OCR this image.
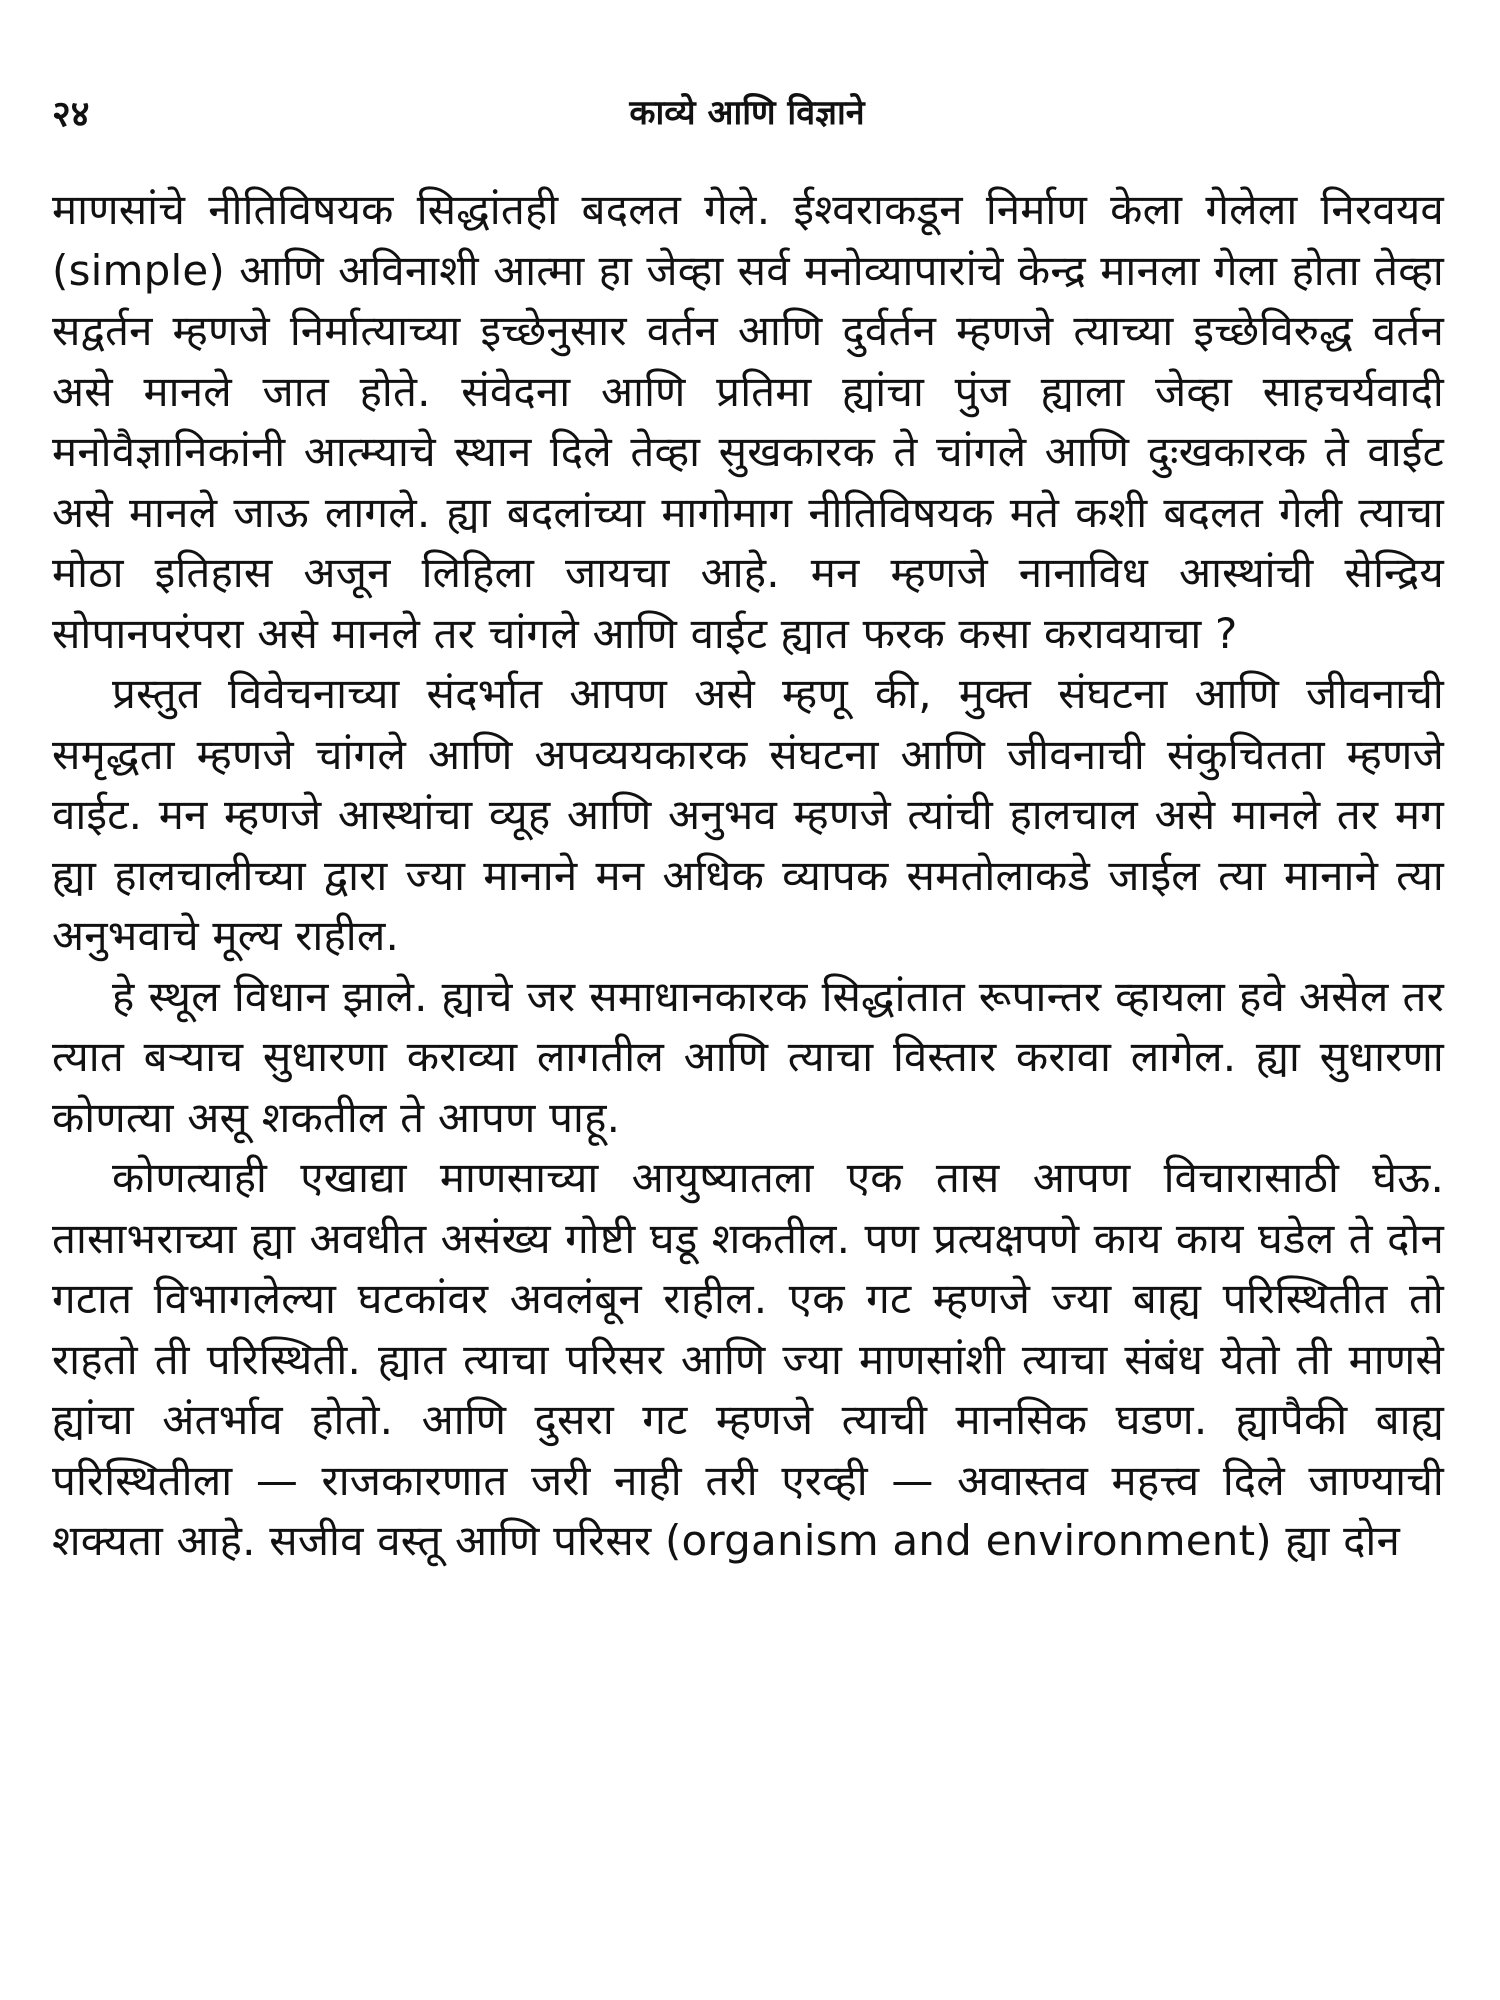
२४	काव्ये आणि विज्ञाने

माणसांचे नीतिविषयक सिद्धांतही बदलत गेले. ईश्वराकडून निर्माण केला गेलेला निरवयव (simple) आणि अविनाशी आत्मा हा जेव्हा सर्व मनोव्यापारांचे केन्द्र मानला गेला होता तेव्हा सद्वर्तन म्हणजे निर्मात्याच्या इच्छेनुसार वर्तन आणि दुर्वर्तन म्हणजे त्याच्या इच्छेविरुद्ध वर्तन असे मानले जात होते. संवेदना आणि प्रतिमा ह्यांचा पुंज ह्याला जेव्हा साहचर्यवादी मनोवैज्ञानिकांनी आत्म्याचे स्थान दिले तेव्हा सुखकारक ते चांगले आणि दुःखकारक ते वाईट असे मानले जाऊ लागले. ह्या बदलांच्या मागोमाग नीतिविषयक मते कशी बदलत गेली त्याचा मोठा इतिहास अजून लिहिला जायचा आहे. मन म्हणजे नानाविध आस्थांची सेन्द्रिय सोपानपरंपरा असे मानले तर चांगले आणि वाईट ह्यात फरक कसा करावयाचा ?

प्रस्तुत विवेचनाच्या संदर्भात आपण असे म्हणू की, मुक्त संघटना आणि जीवनाची समृद्धता म्हणजे चांगले आणि अपव्ययकारक संघटना आणि जीवनाची संकुचितता म्हणजे वाईट. मन म्हणजे आस्थांचा व्यूह आणि अनुभव म्हणजे त्यांची हालचाल असे मानले तर मग ह्या हालचालीच्या द्वारा ज्या मानाने मन अधिक व्यापक समतोलाकडे जाईल त्या मानाने त्या अनुभवाचे मूल्य राहील.

हे स्थूल विधान झाले. ह्याचे जर समाधानकारक सिद्धांतात रूपान्तर व्हायला हवे असेल तर त्यात बऱ्याच सुधारणा कराव्या लागतील आणि त्याचा विस्तार करावा लागेल. ह्या सुधारणा कोणत्या असू शकतील ते आपण पाहू.

कोणत्याही एखाद्या माणसाच्या आयुष्यातला एक तास आपण विचारासाठी घेऊ. तासाभराच्या ह्या अवधीत असंख्य गोष्टी घडू शकतील. पण प्रत्यक्षपणे काय काय घडेल ते दोन गटात विभागलेल्या घटकांवर अवलंबून राहील. एक गट म्हणजे ज्या बाह्य परिस्थितीत तो राहतो ती परिस्थिती. ह्यात त्याचा परिसर आणि ज्या माणसांशी त्याचा संबंध येतो ती माणसे ह्यांचा अंतर्भाव होतो. आणि दुसरा गट म्हणजे त्याची मानसिक घडण. ह्यापैकी बाह्य परिस्थितीला — राजकारणात जरी नाही तरी एरव्ही — अवास्तव महत्त्व दिले जाण्याची शक्यता आहे. सजीव वस्तू आणि परिसर (organism and environment) ह्या दोन
